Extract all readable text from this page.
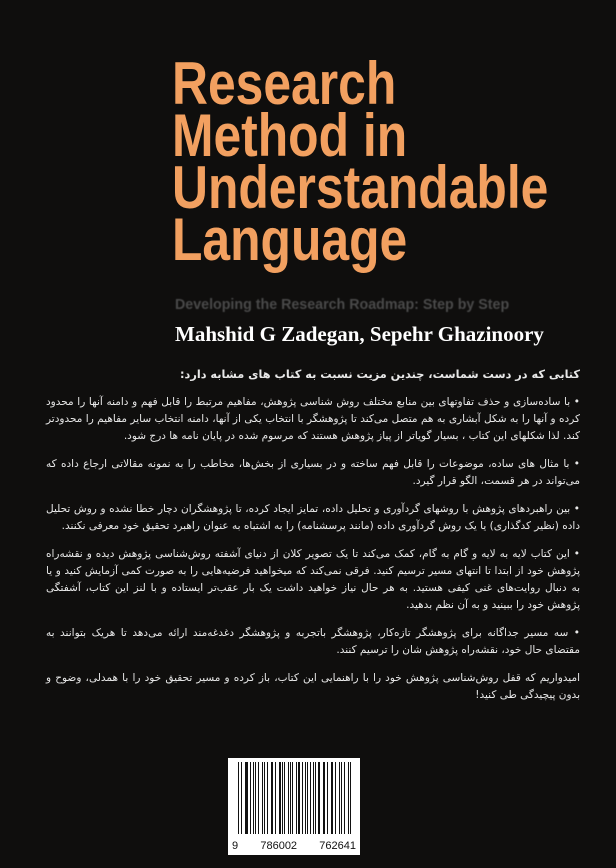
Research
Method in
Understandable
Language
Developing the Research Roadmap: Step by Step
Mahshid G Zadegan, Sepehr Ghazinoory
کتابی که در دست شماست، چندین مزیت نسبت به کتاب های مشابه دارد:

• با ساده‌سازی و حذف تفاوتهای بین منابع مختلف روش شناسی پژوهش، مفاهیم مرتبط را قابل فهم و دامنه آنها را محدود کرده و آنها را به شکل آبشاری به هم متصل می‌کند تا پژوهشگر با انتخاب یکی از آنها، دامنه انتخاب سایر مفاهیم را محدودتر کند. لذا شکلهای این کتاب ، بسیار گویاتر از پیاز پژوهش هستند که مرسوم شده در پایان نامه ها درج شود.

• با مثال های ساده، موضوعات را قابل فهم ساخته و در بسیاری از بخش‌ها، مخاطب را به نمونه مقالاتی ارجاع داده که می‌تواند در هر قسمت، الگو قرار گیرد.

• بین راهبردهای پژوهش با روشهای گردآوری و تحلیل داده، تمایز ایجاد کرده، تا پژوهشگران دچار خطا نشده و روش تحلیل داده (نظیر کدگذاری) یا یک روش گردآوری داده (مانند پرسشنامه) را به اشتباه به عنوان راهبرد تحقیق خود معرفی نکنند.

• این کتاب لایه به لایه و گام به گام، کمک می‌کند تا یک تصویر کلان از دنیای آشفته روش‌شناسی پژوهش دیده و نقشه‌راه پژوهش خود از ابتدا تا انتهای مسیر ترسیم کنید. فرقی نمی‌کند که میخواهید فرضیه‌هایی را به صورت کمی آزمایش کنید و یا به دنبال روایت‌های غنی کیفی هستید. به هر حال نیاز خواهید داشت یک بار عقب‌تر ایستاده و با لنز این کتاب، آشفتگی پژوهش خود را ببینید و به آن نظم بدهید.

• سه مسیر جداگانه برای پژوهشگر تازه‌کار، پژوهشگر باتجربه و پژوهشگر دغدغه‌مند ارائه می‌دهد تا هریک بتوانند به مقتضای حال خود، نقشه‌راه پژوهش شان را ترسیم کنند.

امیدواریم که قفل روش‌شناسی پژوهش خود را با راهنمایی این کتاب، باز کرده و مسیر تحقیق خود را با همدلی، وضوح و بدون پیچیدگی طی کنید!

9 786002 762641
